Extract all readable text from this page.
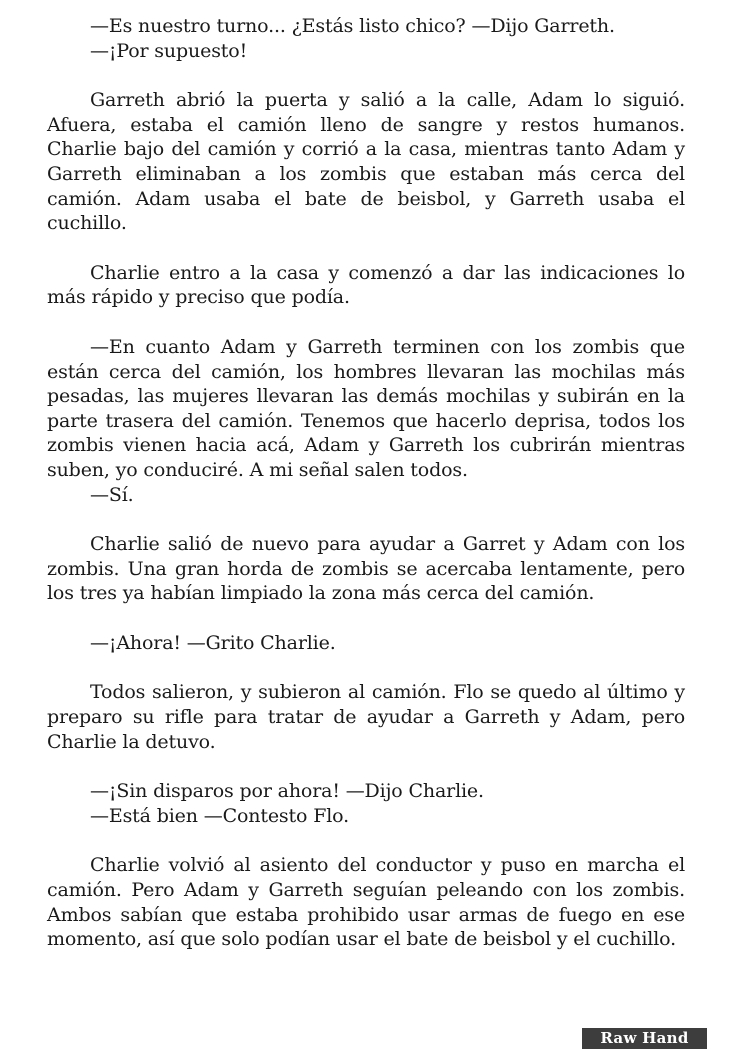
—Es nuestro turno... ¿Estás listo chico? —Dijo Garreth.

—¡Por supuesto!

Garreth abrió la puerta y salió a la calle, Adam lo siguió. Afuera, estaba el camión lleno de sangre y restos humanos. Charlie bajo del camión y corrió a la casa, mientras tanto Adam y Garreth eliminaban a los zombis que estaban más cerca del camión. Adam usaba el bate de beisbol, y Garreth usaba el cuchillo.

Charlie entro a la casa y comenzó a dar las indicaciones lo más rápido y preciso que podía.

—En cuanto Adam y Garreth terminen con los zombis que están cerca del camión, los hombres llevaran las mochilas más pesadas, las mujeres llevaran las demás mochilas y subirán en la parte trasera del camión. Tenemos que hacerlo deprisa, todos los zombis vienen hacia acá, Adam y Garreth los cubrirán mientras suben, yo conduciré. A mi señal salen todos.

—Sí.

Charlie salió de nuevo para ayudar a Garret y Adam con los zombis. Una gran horda de zombis se acercaba lentamente, pero los tres ya habían limpiado la zona más cerca del camión.

—¡Ahora! —Grito Charlie.

Todos salieron, y subieron al camión. Flo se quedo al último y preparo su rifle para tratar de ayudar a Garreth y Adam, pero Charlie la detuvo.

—¡Sin disparos por ahora! —Dijo Charlie.

—Está bien —Contesto Flo.

Charlie volvió al asiento del conductor y puso en marcha el camión. Pero Adam y Garreth seguían peleando con los zombis. Ambos sabían que estaba prohibido usar armas de fuego en ese momento, así que solo podían usar el bate de beisbol y el cuchillo.

Raw Hand
